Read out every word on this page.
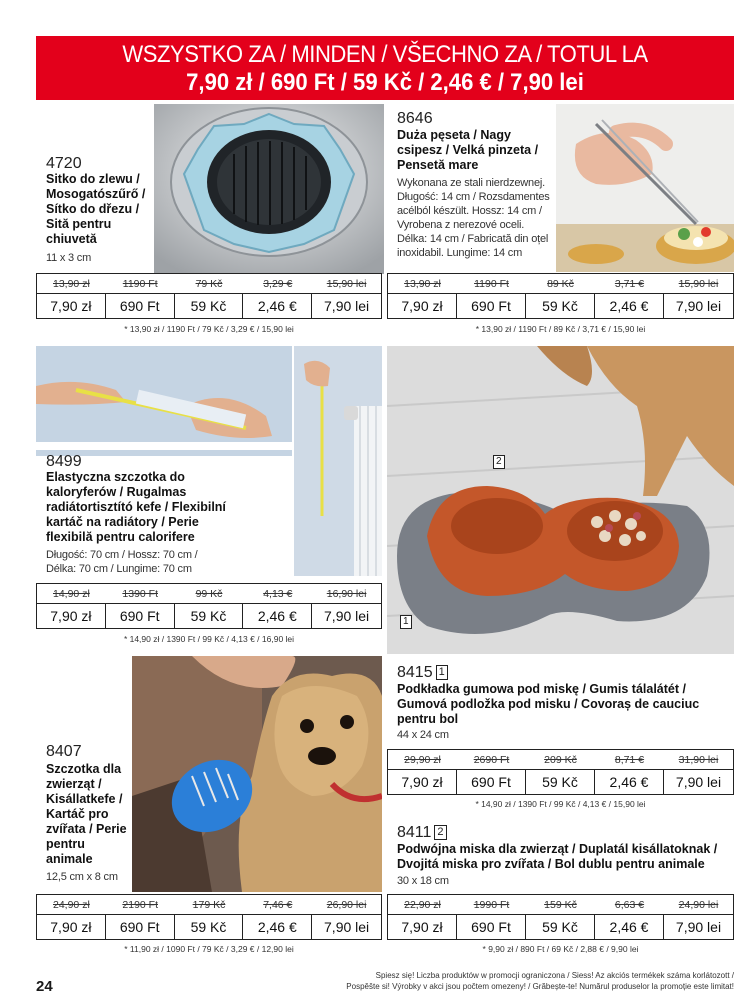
WSZYSTKO ZA / MINDEN / VŠECHNO ZA / TOTUL LA
7,90 zł / 690 Ft / 59 Kč / 2,46 € / 7,90 lei
4720
Sitko do zlewu / Mosogatószűrő / Sítko do dřezu / Sită pentru chiuvetă
11 x 3 cm
13,90 zł	1190 Ft	79 Kč	3,29 €	15,90 lei
7,90 zł	690 Ft	59 Kč	2,46 €	7,90 lei
* 13,90 zł / 1190 Ft / 79 Kč / 3,29 € / 15,90 lei
8646
Duża pęseta / Nagy csipesz / Velká pinzeta / Pensetă mare
Wykonana ze stali nierdzewnej. Długość: 14 cm / Rozsdamentes acélból készült. Hossz: 14 cm / Vyrobena z nerezové oceli. Délka: 14 cm / Fabricată din oțel inoxidabil. Lungime: 14 cm
13,90 zł	1190 Ft	89 Kč	3,71 €	15,90 lei
7,90 zł	690 Ft	59 Kč	2,46 €	7,90 lei
* 13,90 zł / 1190 Ft / 89 Kč / 3,71 € / 15,90 lei
8499
Elastyczna szczotka do kaloryferów / Rugalmas radiátortisztító kefe / Flexibilní kartáč na radiátory / Perie flexibilă pentru calorifere
Długość: 70 cm / Hossz: 70 cm / Délka: 70 cm / Lungime: 70 cm
14,90 zł	1390 Ft	99 Kč	4,13 €	16,90 lei
7,90 zł	690 Ft	59 Kč	2,46 €	7,90 lei
* 14,90 zł / 1390 Ft / 99 Kč / 4,13 € / 16,90 lei
2
1
8415 1
Podkładka gumowa pod miskę / Gumis tálalátét / Gumová podložka pod misku / Covoraș de cauciuc pentru bol
44 x 24 cm
29,90 zł	2690 Ft	209 Kč	8,71 €	31,90 lei
7,90 zł	690 Ft	59 Kč	2,46 €	7,90 lei
* 14,90 zł / 1390 Ft / 99 Kč / 4,13 € / 15,90 lei
8407
Szczotka dla zwierząt / Kisállatkefe / Kartáč pro zvířata / Perie pentru animale
12,5 cm x 8 cm
24,90 zł	2190 Ft	179 Kč	7,46 €	26,90 lei
7,90 zł	690 Ft	59 Kč	2,46 €	7,90 lei
* 11,90 zł / 1090 Ft / 79 Kč / 3,29 € / 12,90 lei
8411 2
Podwójna miska dla zwierząt / Duplatál kisállatoknak / Dvojitá miska pro zvířata / Bol dublu pentru animale
30 x 18 cm
22,90 zł	1990 Ft	159 Kč	6,63 €	24,90 lei
7,90 zł	690 Ft	59 Kč	2,46 €	7,90 lei
* 9,90 zł / 890 Ft / 69 Kč / 2,88 € / 9,90 lei
24
Spiesz się! Liczba produktów w promocji ograniczona / Siess! Az akciós termékek száma korlátozott /
Pospěšte si! Výrobky v akci jsou počtem omezeny! / Grăbește-te! Numărul produselor la promoție este limitat!
